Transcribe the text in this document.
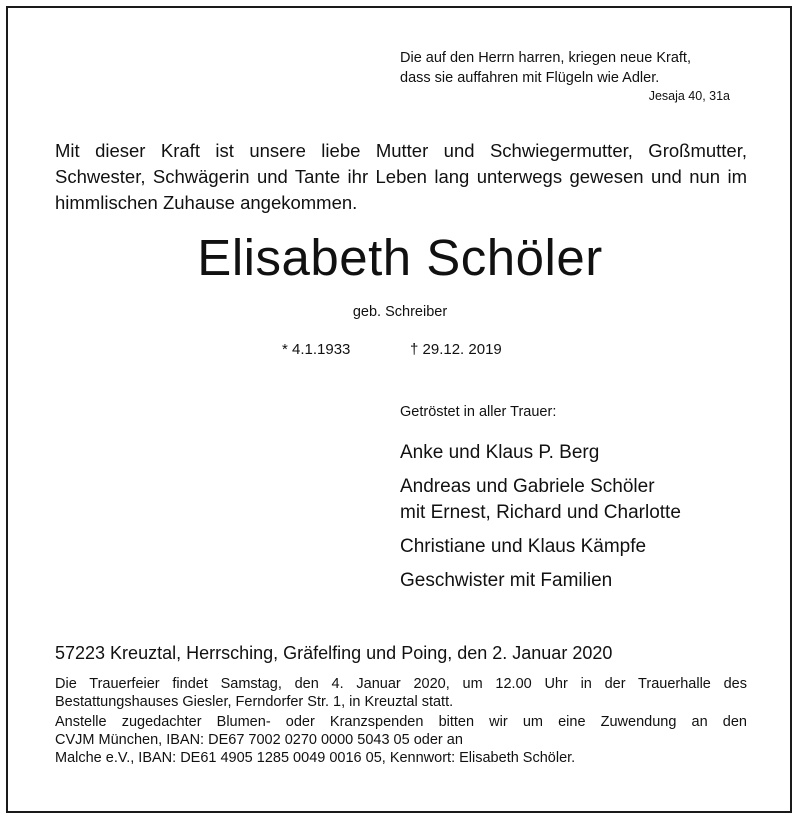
Die auf den Herrn harren, kriegen neue Kraft,
dass sie auffahren mit Flügeln wie Adler.
Jesaja 40, 31a
Mit dieser Kraft ist unsere liebe Mutter und Schwiegermutter, Großmutter, Schwester, Schwägerin und Tante ihr Leben lang unterwegs gewesen und nun im himmlischen Zuhause angekommen.
Elisabeth Schöler
geb. Schreiber
* 4.1.1933	† 29.12. 2019
Getröstet in aller Trauer:
Anke und Klaus P. Berg
Andreas und Gabriele Schöler
mit Ernest, Richard und Charlotte
Christiane und Klaus Kämpfe
Geschwister mit Familien
57223 Kreuztal, Herrsching, Gräfelfing und Poing, den 2. Januar 2020
Die Trauerfeier findet Samstag, den 4. Januar 2020, um 12.00 Uhr in der Trauerhalle des Bestattungshauses Giesler, Ferndorfer Str. 1, in Kreuztal statt.
Anstelle zugedachter Blumen- oder Kranzspenden bitten wir um eine Zuwendung an den
CVJM München, IBAN: DE67 7002 0270 0000 5043 05 oder an
Malche e.V., IBAN: DE61 4905 1285 0049 0016 05, Kennwort: Elisabeth Schöler.
